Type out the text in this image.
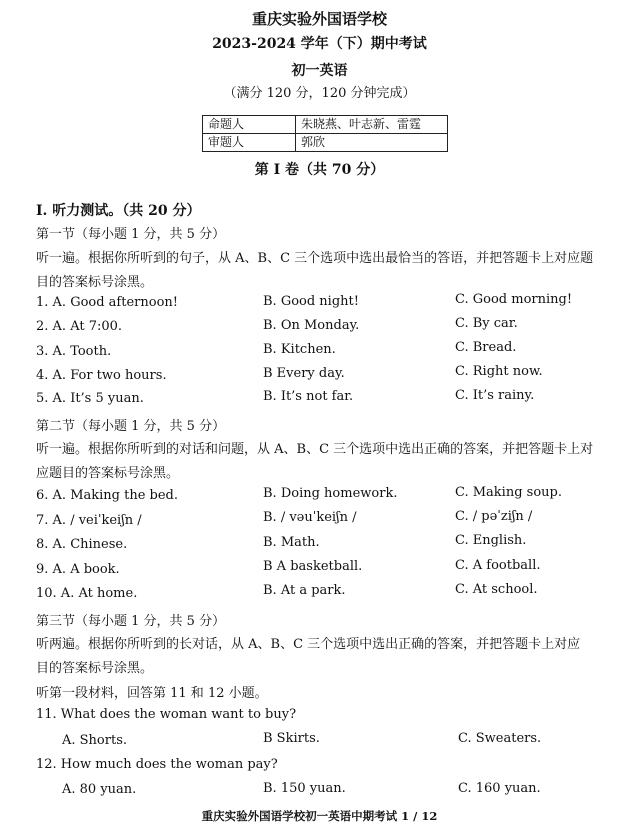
重庆实验外国语学校
2023-2024 学年（下）期中考试
初一英语
（满分 120 分，120 分钟完成）
命题人	朱晓燕、叶志新、雷霆
审题人	郭欣
第 I 卷（共 70 分）
I. 听力测试。（共 20 分）
第一节（每小题 1 分，共 5 分）
听一遍。根据你所听到的句子，从 A、B、C 三个选项中选出最恰当的答语，并把答题卡上对应题
目的答案标号涂黑。
1. A. Good afternoon!	B. Good night!	C. Good morning!
2. A. At 7:00.	B. On Monday.	C. By car.
3. A. Tooth.	B. Kitchen.	C. Bread.
4. A. For two hours.	B Every day.	C. Right now.
5. A. It’s 5 yuan.	B. It’s not far.	C. It’s rainy.
第二节（每小题 1 分，共 5 分）
听一遍。根据你所听到的对话和问题，从 A、B、C 三个选项中选出正确的答案，并把答题卡上对
应题目的答案标号涂黑。
6. A. Making the bed.	B. Doing homework.	C. Making soup.
7. A. / veiˈkeiʃn /	B. / vəuˈkeiʃn /	C. / pəˈziʃn /
8. A. Chinese.	B. Math.	C. English.
9. A. A book.	B A basketball.	C. A football.
10. A. At home.	B. At a park.	C. At school.
第三节（每小题 1 分，共 5 分）
听两遍。根据你所听到的长对话，从 A、B、C 三个选项中选出正确的答案，并把答题卡上对应
目的答案标号涂黑。
听第一段材料，回答第 11 和 12 小题。
11. What does the woman want to buy?
A. Shorts.	B Skirts.	C. Sweaters.
12. How much does the woman pay?
A. 80 yuan.	B. 150 yuan.	C. 160 yuan.
重庆实验外国语学校初一英语中期考试 1 / 12
